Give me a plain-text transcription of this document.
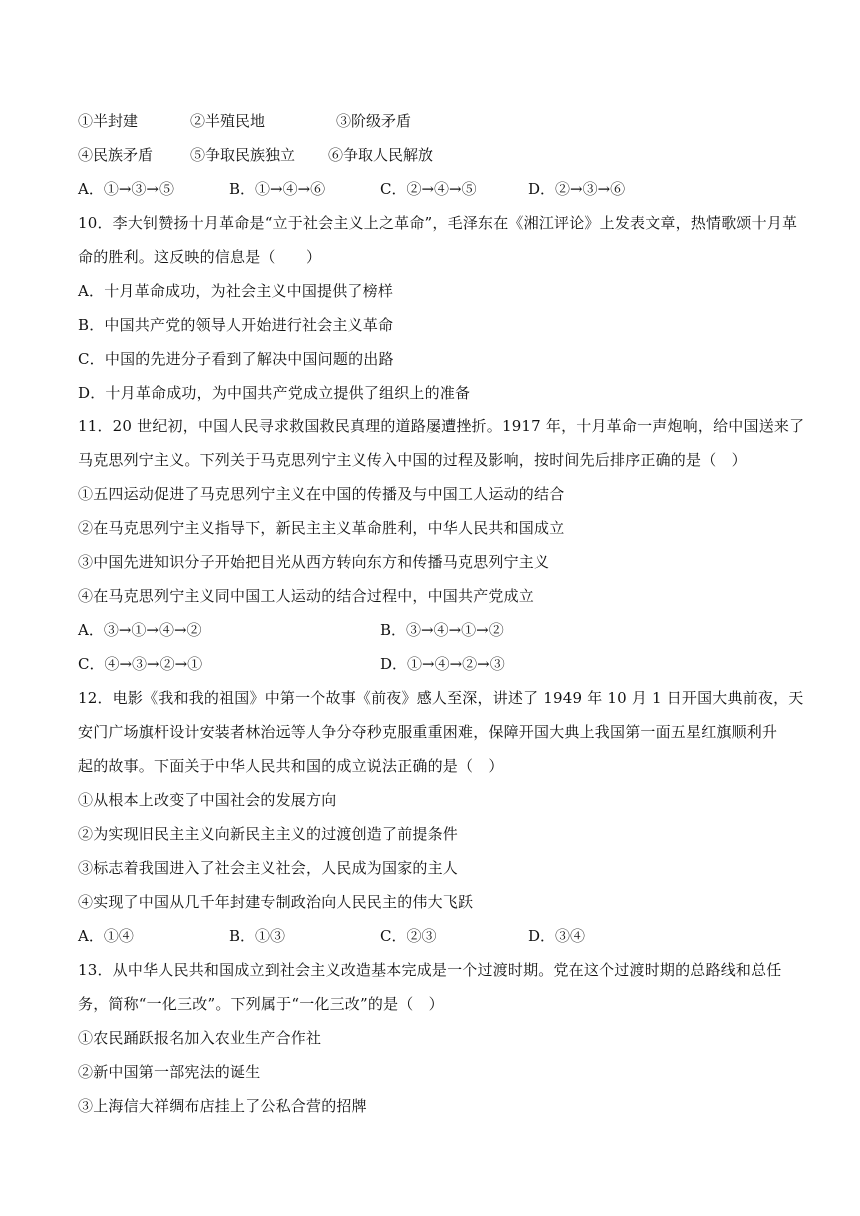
①半封建	②半殖民地	③阶级矛盾
④民族矛盾 ⑤争取民族独立 ⑥争取人民解放
A．①→③→⑤	B．①→④→⑥	C．②→④→⑤	D．②→③→⑥
10．李大钊赞扬十月革命是“立于社会主义上之革命”，毛泽东在《湘江评论》上发表文章，热情歌颂十月革
命的胜利。这反映的信息是（　　）
A．十月革命成功，为社会主义中国提供了榜样
B．中国共产党的领导人开始进行社会主义革命
C．中国的先进分子看到了解决中国问题的出路
D．十月革命成功，为中国共产党成立提供了组织上的准备
11．20 世纪初，中国人民寻求救国救民真理的道路屡遭挫折。1917 年，十月革命一声炮响，给中国送来了
马克思列宁主义。下列关于马克思列宁主义传入中国的过程及影响，按时间先后排序正确的是（　）
①五四运动促进了马克思列宁主义在中国的传播及与中国工人运动的结合
②在马克思列宁主义指导下，新民主主义革命胜利，中华人民共和国成立
③中国先进知识分子开始把目光从西方转向东方和传播马克思列宁主义
④在马克思列宁主义同中国工人运动的结合过程中，中国共产党成立
A．③→①→④→②	B．③→④→①→②
C．④→③→②→①	D．①→④→②→③
12．电影《我和我的祖国》中第一个故事《前夜》感人至深，讲述了 1949 年 10 月 1 日开国大典前夜，天
安门广场旗杆设计安装者林治远等人争分夺秒克服重重困难，保障开国大典上我国第一面五星红旗顺利升
起的故事。下面关于中华人民共和国的成立说法正确的是（　）
①从根本上改变了中国社会的发展方向
②为实现旧民主主义向新民主主义的过渡创造了前提条件
③标志着我国进入了社会主义社会，人民成为国家的主人
④实现了中国从几千年封建专制政治向人民民主的伟大飞跃
A．①④	B．①③	C．②③	D．③④
13．从中华人民共和国成立到社会主义改造基本完成是一个过渡时期。党在这个过渡时期的总路线和总任
务，简称“一化三改”。下列属于“一化三改”的是（　）
①农民踊跃报名加入农业生产合作社
②新中国第一部宪法的诞生
③上海信大祥绸布店挂上了公私合营的招牌
